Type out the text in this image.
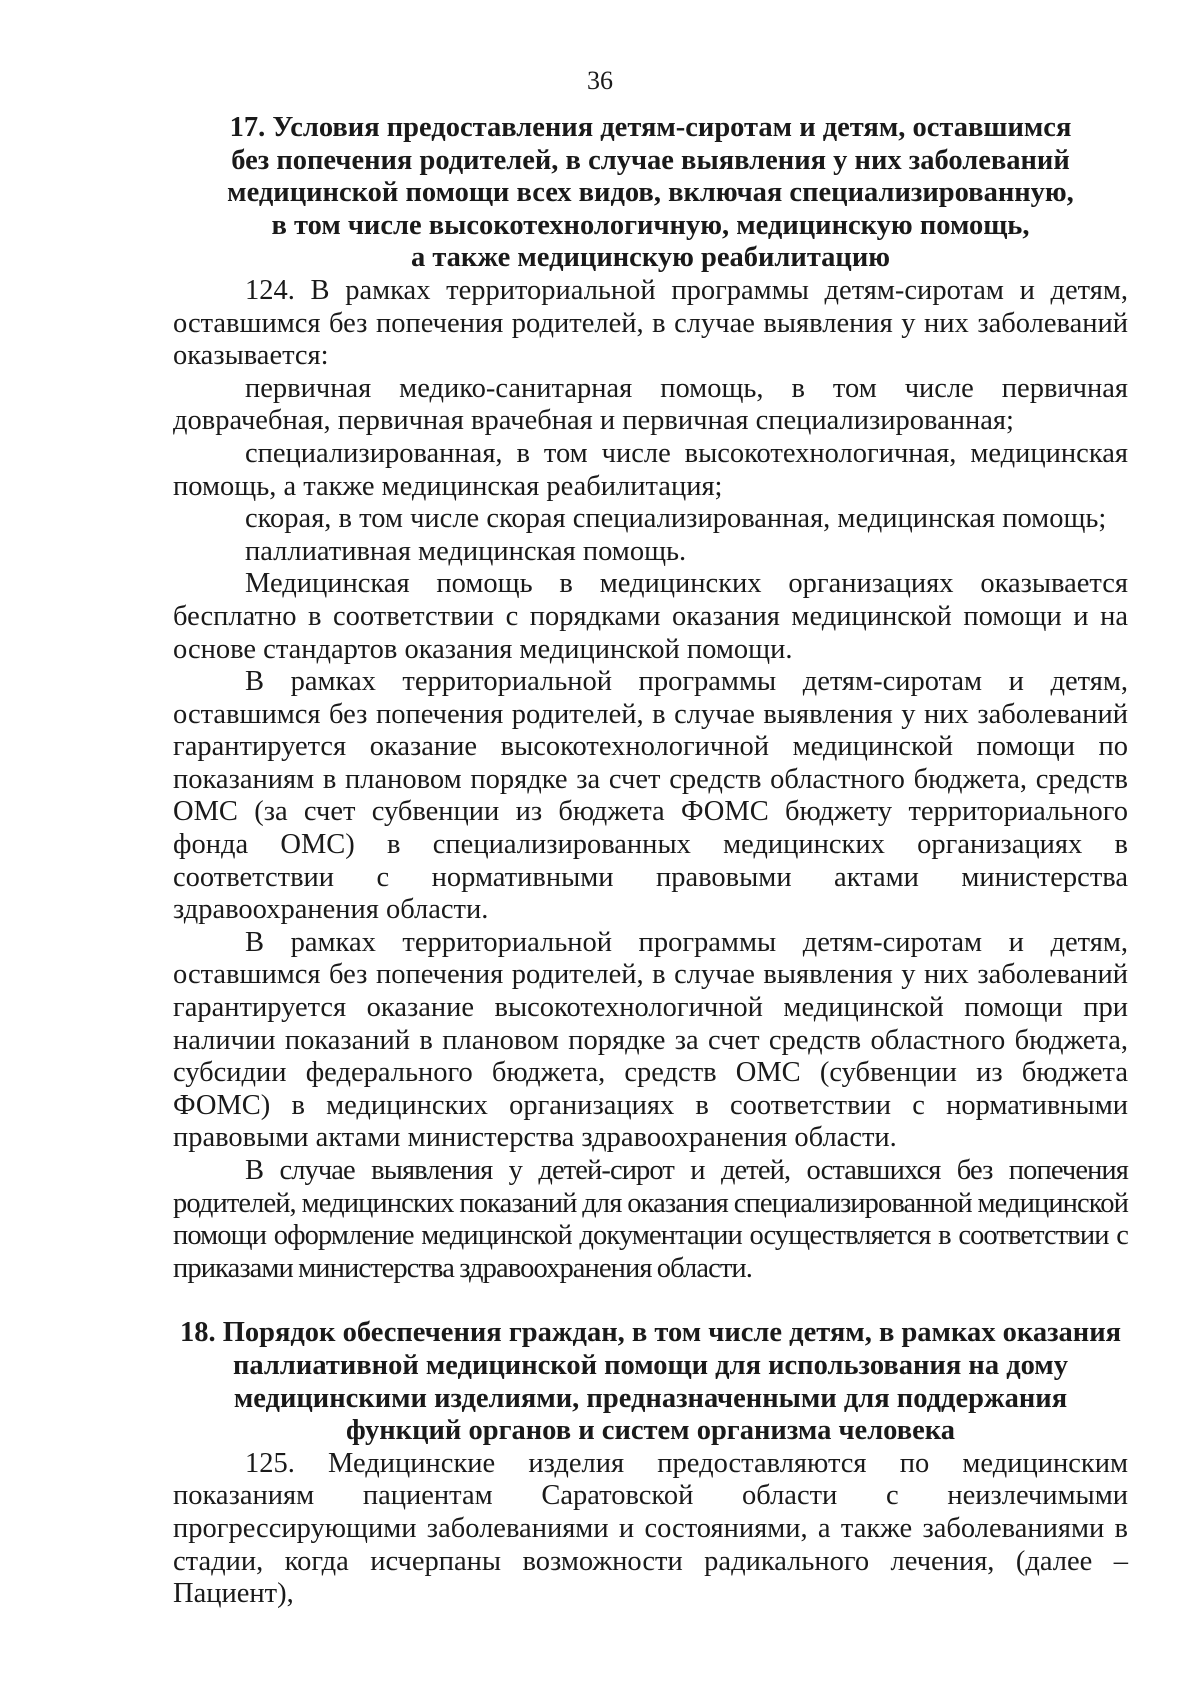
36
17. Условия предоставления детям-сиротам и детям, оставшимся
без попечения родителей, в случае выявления у них заболеваний
медицинской помощи всех видов, включая специализированную,
в том числе высокотехнологичную, медицинскую помощь,
а также медицинскую реабилитацию

124. В рамках территориальной программы детям-сиротам и детям, оставшимся без попечения родителей, в случае выявления у них заболеваний оказывается:

первичная медико-санитарная помощь, в том числе первичная доврачебная, первичная врачебная и первичная специализированная;

специализированная, в том числе высокотехнологичная, медицинская помощь, а также медицинская реабилитация;

скорая, в том числе скорая специализированная, медицинская помощь;

паллиативная медицинская помощь.

Медицинская помощь в медицинских организациях оказывается бесплатно в соответствии с порядками оказания медицинской помощи и на основе стандартов оказания медицинской помощи.

В рамках территориальной программы детям-сиротам и детям, оставшимся без попечения родителей, в случае выявления у них заболеваний гарантируется оказание высокотехнологичной медицинской помощи по показаниям в плановом порядке за счет средств областного бюджета, средств ОМС (за счет субвенции из бюджета ФОМС бюджету территориального фонда ОМС) в специализированных медицинских организациях в соответствии с нормативными правовыми актами министерства здравоохранения области.

В рамках территориальной программы детям-сиротам и детям, оставшимся без попечения родителей, в случае выявления у них заболеваний гарантируется оказание высокотехнологичной медицинской помощи при наличии показаний в плановом порядке за счет средств областного бюджета, субсидии федерального бюджета, средств ОМС (субвенции из бюджета ФОМС) в медицинских организациях в соответствии с нормативными правовыми актами министерства здравоохранения области.

В случае выявления у детей-сирот и детей, оставшихся без попечения родителей, медицинских показаний для оказания специализированной медицинской помощи оформление медицинской документации осуществляется в соответствии с приказами министерства здравоохранения области.

18. Порядок обеспечения граждан, в том числе детям, в рамках оказания
паллиативной медицинской помощи для использования на дому
медицинскими изделиями, предназначенными для поддержания
функций органов и систем организма человека

125. Медицинские изделия предоставляются по медицинским показаниям пациентам Саратовской области с неизлечимыми прогрессирующими заболеваниями и состояниями, а также заболеваниями в стадии, когда исчерпаны возможности радикального лечения, (далее – Пациент),
